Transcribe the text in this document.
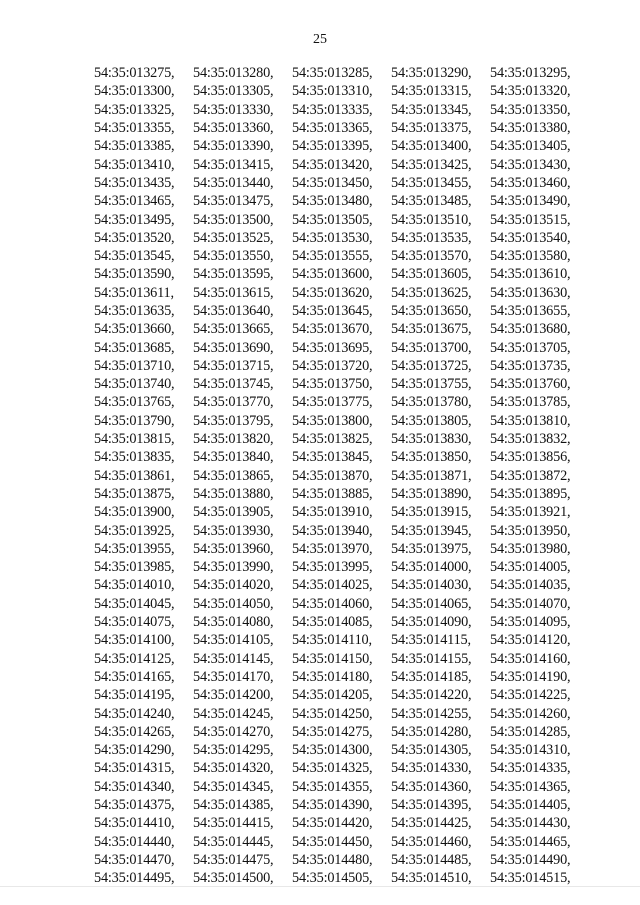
25
54:35:013275,	54:35:013280,	54:35:013285,	54:35:013290,	54:35:013295,
54:35:013300,	54:35:013305,	54:35:013310,	54:35:013315,	54:35:013320,
54:35:013325,	54:35:013330,	54:35:013335,	54:35:013345,	54:35:013350,
54:35:013355,	54:35:013360,	54:35:013365,	54:35:013375,	54:35:013380,
54:35:013385,	54:35:013390,	54:35:013395,	54:35:013400,	54:35:013405,
54:35:013410,	54:35:013415,	54:35:013420,	54:35:013425,	54:35:013430,
54:35:013435,	54:35:013440,	54:35:013450,	54:35:013455,	54:35:013460,
54:35:013465,	54:35:013475,	54:35:013480,	54:35:013485,	54:35:013490,
54:35:013495,	54:35:013500,	54:35:013505,	54:35:013510,	54:35:013515,
54:35:013520,	54:35:013525,	54:35:013530,	54:35:013535,	54:35:013540,
54:35:013545,	54:35:013550,	54:35:013555,	54:35:013570,	54:35:013580,
54:35:013590,	54:35:013595,	54:35:013600,	54:35:013605,	54:35:013610,
54:35:013611,	54:35:013615,	54:35:013620,	54:35:013625,	54:35:013630,
54:35:013635,	54:35:013640,	54:35:013645,	54:35:013650,	54:35:013655,
54:35:013660,	54:35:013665,	54:35:013670,	54:35:013675,	54:35:013680,
54:35:013685,	54:35:013690,	54:35:013695,	54:35:013700,	54:35:013705,
54:35:013710,	54:35:013715,	54:35:013720,	54:35:013725,	54:35:013735,
54:35:013740,	54:35:013745,	54:35:013750,	54:35:013755,	54:35:013760,
54:35:013765,	54:35:013770,	54:35:013775,	54:35:013780,	54:35:013785,
54:35:013790,	54:35:013795,	54:35:013800,	54:35:013805,	54:35:013810,
54:35:013815,	54:35:013820,	54:35:013825,	54:35:013830,	54:35:013832,
54:35:013835,	54:35:013840,	54:35:013845,	54:35:013850,	54:35:013856,
54:35:013861,	54:35:013865,	54:35:013870,	54:35:013871,	54:35:013872,
54:35:013875,	54:35:013880,	54:35:013885,	54:35:013890,	54:35:013895,
54:35:013900,	54:35:013905,	54:35:013910,	54:35:013915,	54:35:013921,
54:35:013925,	54:35:013930,	54:35:013940,	54:35:013945,	54:35:013950,
54:35:013955,	54:35:013960,	54:35:013970,	54:35:013975,	54:35:013980,
54:35:013985,	54:35:013990,	54:35:013995,	54:35:014000,	54:35:014005,
54:35:014010,	54:35:014020,	54:35:014025,	54:35:014030,	54:35:014035,
54:35:014045,	54:35:014050,	54:35:014060,	54:35:014065,	54:35:014070,
54:35:014075,	54:35:014080,	54:35:014085,	54:35:014090,	54:35:014095,
54:35:014100,	54:35:014105,	54:35:014110,	54:35:014115,	54:35:014120,
54:35:014125,	54:35:014145,	54:35:014150,	54:35:014155,	54:35:014160,
54:35:014165,	54:35:014170,	54:35:014180,	54:35:014185,	54:35:014190,
54:35:014195,	54:35:014200,	54:35:014205,	54:35:014220,	54:35:014225,
54:35:014240,	54:35:014245,	54:35:014250,	54:35:014255,	54:35:014260,
54:35:014265,	54:35:014270,	54:35:014275,	54:35:014280,	54:35:014285,
54:35:014290,	54:35:014295,	54:35:014300,	54:35:014305,	54:35:014310,
54:35:014315,	54:35:014320,	54:35:014325,	54:35:014330,	54:35:014335,
54:35:014340,	54:35:014345,	54:35:014355,	54:35:014360,	54:35:014365,
54:35:014375,	54:35:014385,	54:35:014390,	54:35:014395,	54:35:014405,
54:35:014410,	54:35:014415,	54:35:014420,	54:35:014425,	54:35:014430,
54:35:014440,	54:35:014445,	54:35:014450,	54:35:014460,	54:35:014465,
54:35:014470,	54:35:014475,	54:35:014480,	54:35:014485,	54:35:014490,
54:35:014495,	54:35:014500,	54:35:014505,	54:35:014510,	54:35:014515,
